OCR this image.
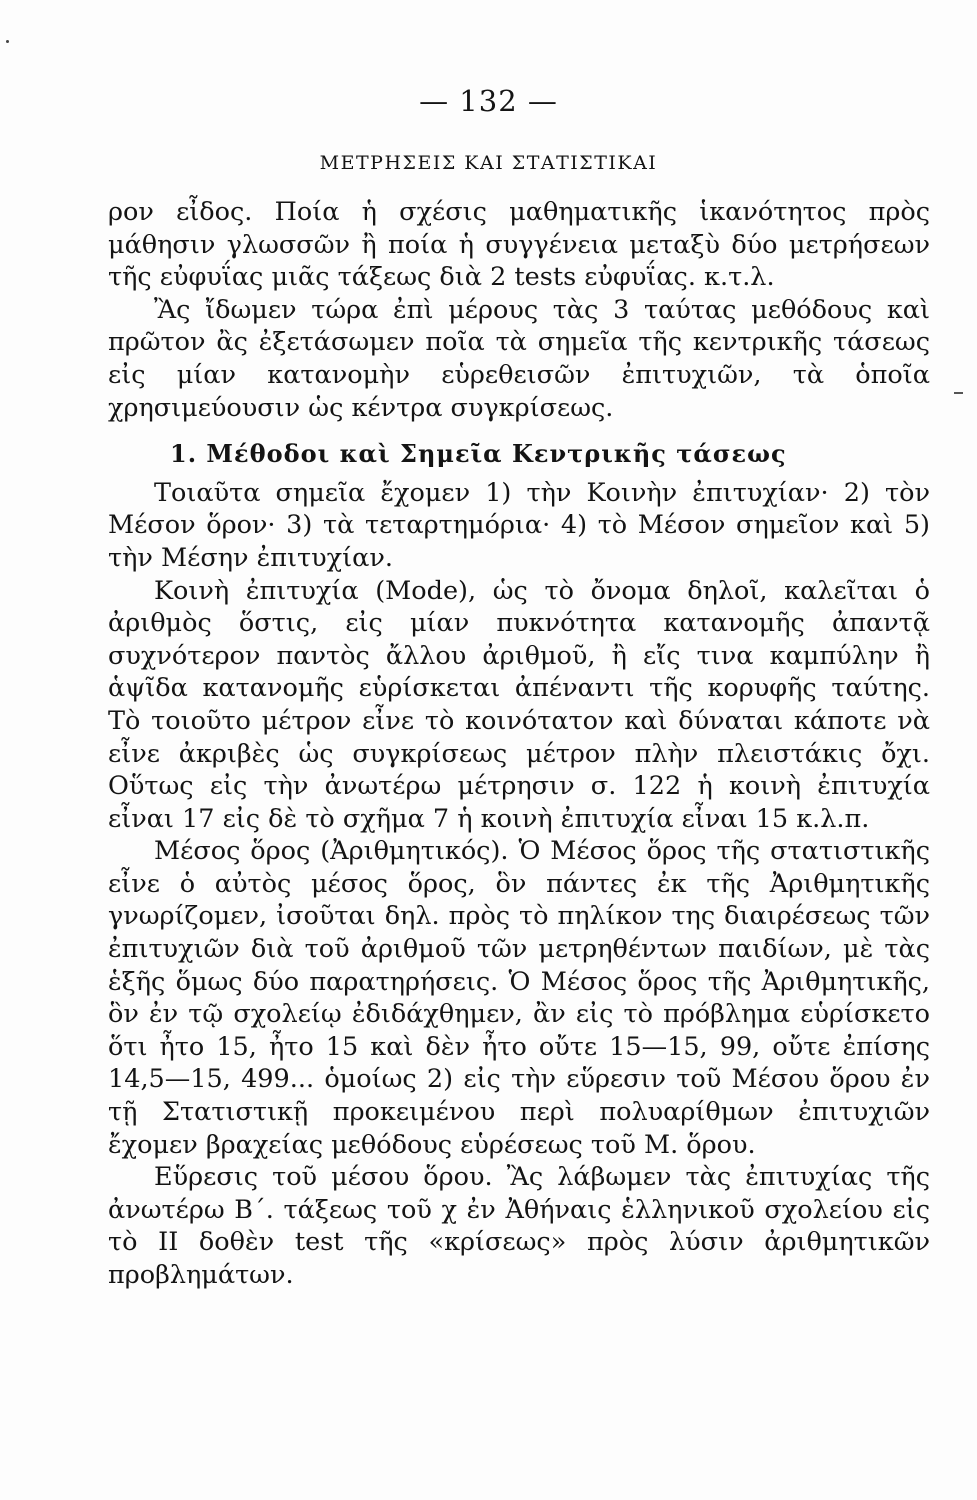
— 132 —
ΜΕΤΡΗΣΕΙΣ ΚΑΙ ΣΤΑΤΙΣΤΙΚΑΙ

ρον εἶδος. Ποία ἡ σχέσις μαθηματικῆς ἱκανότητος πρὸς μάθησιν γλωσσῶν ἢ ποία ἡ συγγένεια μεταξὺ δύο μετρήσεων τῆς εὐφυΐας μιᾶς τάξεως διὰ 2 tests εὐφυΐας. κ.τ.λ.

Ἂς ἴδωμεν τώρα ἐπὶ μέρους τὰς 3 ταύτας μεθόδους καὶ πρῶτον ἂς ἐξετάσωμεν ποῖα τὰ σημεῖα τῆς κεντρικῆς τάσεως εἰς μίαν κατανομὴν εὑρεθεισῶν ἐπιτυχιῶν, τὰ ὁποῖα χρησιμεύουσιν ὡς κέντρα συγκρίσεως.

1. Μέθοδοι καὶ Σημεῖα Κεντρικῆς τάσεως

Τοιαῦτα σημεῖα ἔχομεν 1) τὴν Κοινὴν ἐπιτυχίαν· 2) τὸν Μέσον ὅρον· 3) τὰ τεταρτημόρια· 4) τὸ Μέσον σημεῖον καὶ 5) τὴν Μέσην ἐπιτυχίαν.

Κοινὴ ἐπιτυχία (Mode), ὡς τὸ ὄνομα δηλοῖ, καλεῖται ὁ ἀριθμὸς ὅστις, εἰς μίαν πυκνότητα κατανομῆς ἀπαντᾷ συχνότερον παντὸς ἄλλου ἀριθμοῦ, ἢ εἴς τινα καμπύλην ἢ ἁψῖδα κατανομῆς εὑρίσκεται ἀπέναντι τῆς κορυφῆς ταύτης. Τὸ τοιοῦτο μέτρον εἶνε τὸ κοινότατον καὶ δύναται κάποτε νὰ εἶνε ἀκριβὲς ὡς συγκρίσεως μέτρον πλὴν πλειστάκις ὄχι. Οὕτως εἰς τὴν ἀνωτέρω μέτρησιν σ. 122 ἡ κοινὴ ἐπιτυχία εἶναι 17 εἰς δὲ τὸ σχῆμα 7 ἡ κοινὴ ἐπιτυχία εἶναι 15 κ.λ.π.

Μέσος ὅρος (Ἀριθμητικός). Ὁ Μέσος ὅρος τῆς στατιστικῆς εἶνε ὁ αὐτὸς μέσος ὅρος, ὃν πάντες ἐκ τῆς Ἀριθμητικῆς γνωρίζομεν, ἰσοῦται δηλ. πρὸς τὸ πηλίκον της διαιρέσεως τῶν ἐπιτυχιῶν διὰ τοῦ ἀριθμοῦ τῶν μετρηθέντων παιδίων, μὲ τὰς ἑξῆς ὅμως δύο παρατηρήσεις. Ὁ Μέσος ὅρος τῆς Ἀριθμητικῆς, ὃν ἐν τῷ σχολείῳ ἐδιδάχθημεν, ἂν εἰς τὸ πρόβλημα εὑρίσκετο ὅτι ἦτο 15, ἦτο 15 καὶ δὲν ἦτο οὔτε 15—15, 99, οὔτε ἐπίσης 14,5—15, 499... ὁμοίως 2) εἰς τὴν εὕρεσιν τοῦ Μέσου ὅρου ἐν τῇ Στατιστικῇ προκειμένου περὶ πολυαρίθμων ἐπιτυχιῶν ἔχομεν βραχείας μεθόδους εὑρέσεως τοῦ Μ. ὅρου.

Εὕρεσις τοῦ μέσου ὅρου. Ἂς λάβωμεν τὰς ἐπιτυχίας τῆς ἀνωτέρω Β΄. τάξεως τοῦ χ ἐν Ἀθήναις ἑλληνικοῦ σχολείου εἰς τὸ ΙΙ δοθὲν test τῆς «κρίσεως» πρὸς λύσιν ἀριθμητικῶν προβλημάτων.
